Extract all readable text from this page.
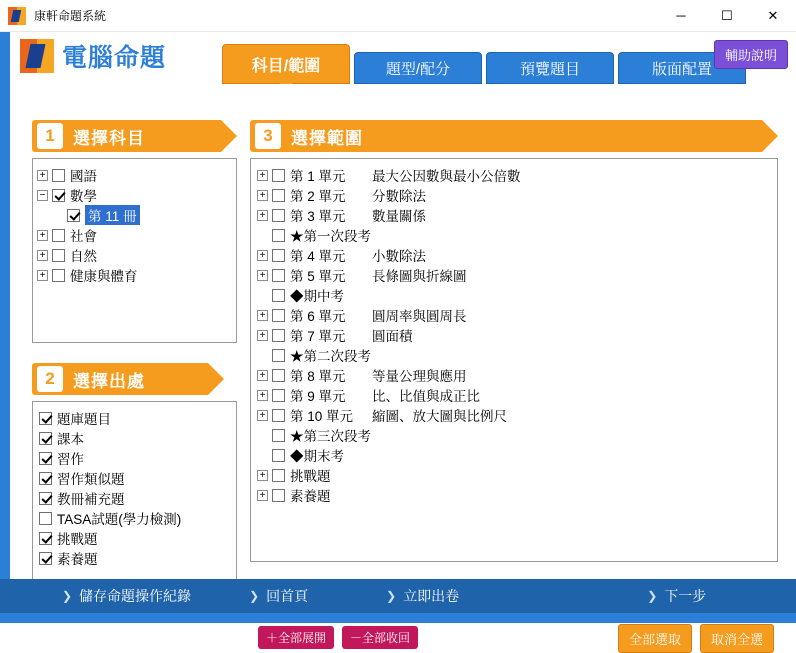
康軒命題系統	─	☐	✕
電腦命題	科目/範圍	題型/配分	預覽題目	版面配置
輔助說明
1	選擇科目
+ 國語
− 數學
第 11 冊
+ 社會
+ 自然
+ 健康與體育
2	選擇出處
題庫題目
課本
習作
習作類似題
教冊補充題
TASA試題(學力檢測)
挑戰題
素養題
3	選擇範圍
+ 第 1 單元	最大公因數與最小公倍數
+ 第 2 單元	分數除法
+ 第 3 單元	數量關係
★第一次段考
+ 第 4 單元	小數除法
+ 第 5 單元	長條圖與折線圖
◆期中考
+ 第 6 單元	圓周率與圓周長
+ 第 7 單元	圓面積
★第二次段考
+ 第 8 單元	等量公理與應用
+ 第 9 單元	比、比值與成正比
+ 第 10 單元	縮圖、放大圖與比例尺
★第三次段考
◆期末考
+ 挑戰題
+ 素養題
＋全部展開	－全部收回	全部選取	取消全選
❯ 儲存命題操作紀錄	❯ 回首頁	❯ 立即出卷	❯ 下一步
